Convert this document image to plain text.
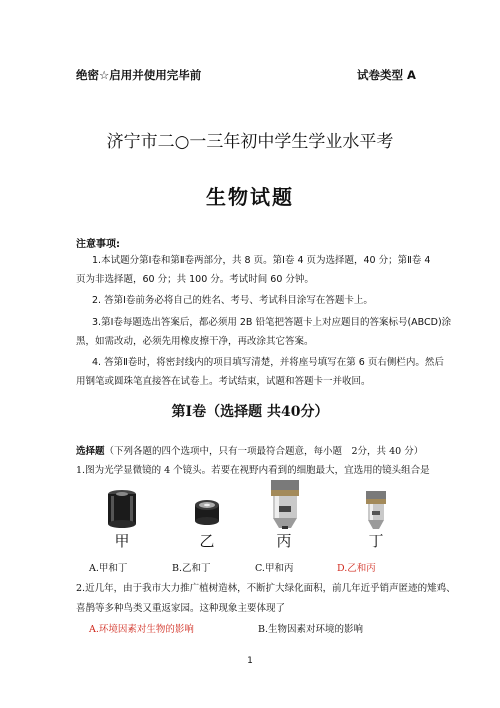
绝密☆启用并使用完毕前	试卷类型 A
济宁市二○一三年初中学生学业水平考
生物试题
注意事项:
1.本试题分第Ⅰ卷和第Ⅱ卷两部分，共 8 页。第Ⅰ卷 4 页为选择题，40 分；第Ⅱ卷 4
页为非选择题，60 分；共 100 分。考试时间 60 分钟。
2. 答第Ⅰ卷前务必将自己的姓名、考号、考试科目涂写在答题卡上。
3.第Ⅰ卷每题选出答案后，都必须用 2B 铅笔把答题卡上对应题目的答案标号(ABCD)涂
黑，如需改动，必须先用橡皮擦干净，再改涂其它答案。
4. 答第Ⅱ卷时，将密封线内的项目填写清楚，并将座号填写在第 6 页右侧栏内。然后
用钢笔或圆珠笔直接答在试卷上。考试结束，试题和答题卡一并收回。
第Ⅰ卷（选择题 共40分）
选择题（下列各题的四个选项中，只有一项最符合题意，每小题　2分，共 40 分）
1.图为光学显微镜的 4 个镜头。若要在视野内看到的细胞最大，宜选用的镜头组合是
甲	乙	丙	丁
A.甲和丁	B.乙和丁	C.甲和丙	D.乙和丙
2.近几年，由于我市大力推广植树造林，不断扩大绿化面积，前几年近乎销声匿迹的雉鸡、
喜鹊等多种鸟类又重返家园。这种现象主要体现了
A.环境因素对生物的影响	B.生物因素对环境的影响
1
